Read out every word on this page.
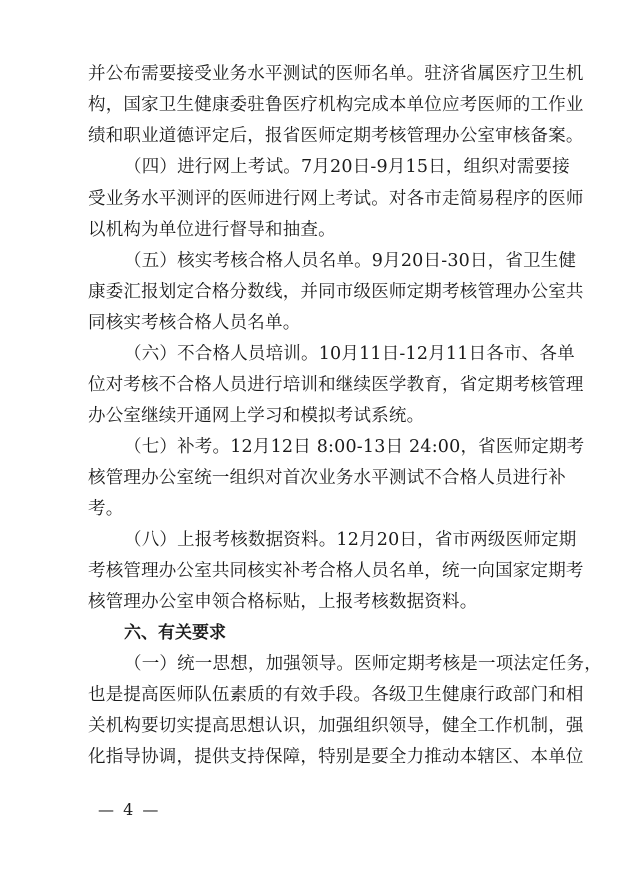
并公布需要接受业务水平测试的医师名单。驻济省属医疗卫生机
构，国家卫生健康委驻鲁医疗机构完成本单位应考医师的工作业
绩和职业道德评定后，报省医师定期考核管理办公室审核备案。
（四）进行网上考试。7月20日-9月15日，组织对需要接
受业务水平测评的医师进行网上考试。对各市走简易程序的医师
以机构为单位进行督导和抽查。
（五）核实考核合格人员名单。9月20日-30日，省卫生健
康委汇报划定合格分数线，并同市级医师定期考核管理办公室共
同核实考核合格人员名单。
（六）不合格人员培训。10月11日-12月11日各市、各单
位对考核不合格人员进行培训和继续医学教育，省定期考核管理
办公室继续开通网上学习和模拟考试系统。
（七）补考。12月12日 8:00-13日 24:00，省医师定期考
核管理办公室统一组织对首次业务水平测试不合格人员进行补
考。
（八）上报考核数据资料。12月20日，省市两级医师定期
考核管理办公室共同核实补考合格人员名单，统一向国家定期考
核管理办公室申领合格标贴，上报考核数据资料。
六、有关要求
（一）统一思想，加强领导。医师定期考核是一项法定任务，
也是提高医师队伍素质的有效手段。各级卫生健康行政部门和相
关机构要切实提高思想认识，加强组织领导，健全工作机制，强
化指导协调，提供支持保障，特别是要全力推动本辖区、本单位
— 4 —
